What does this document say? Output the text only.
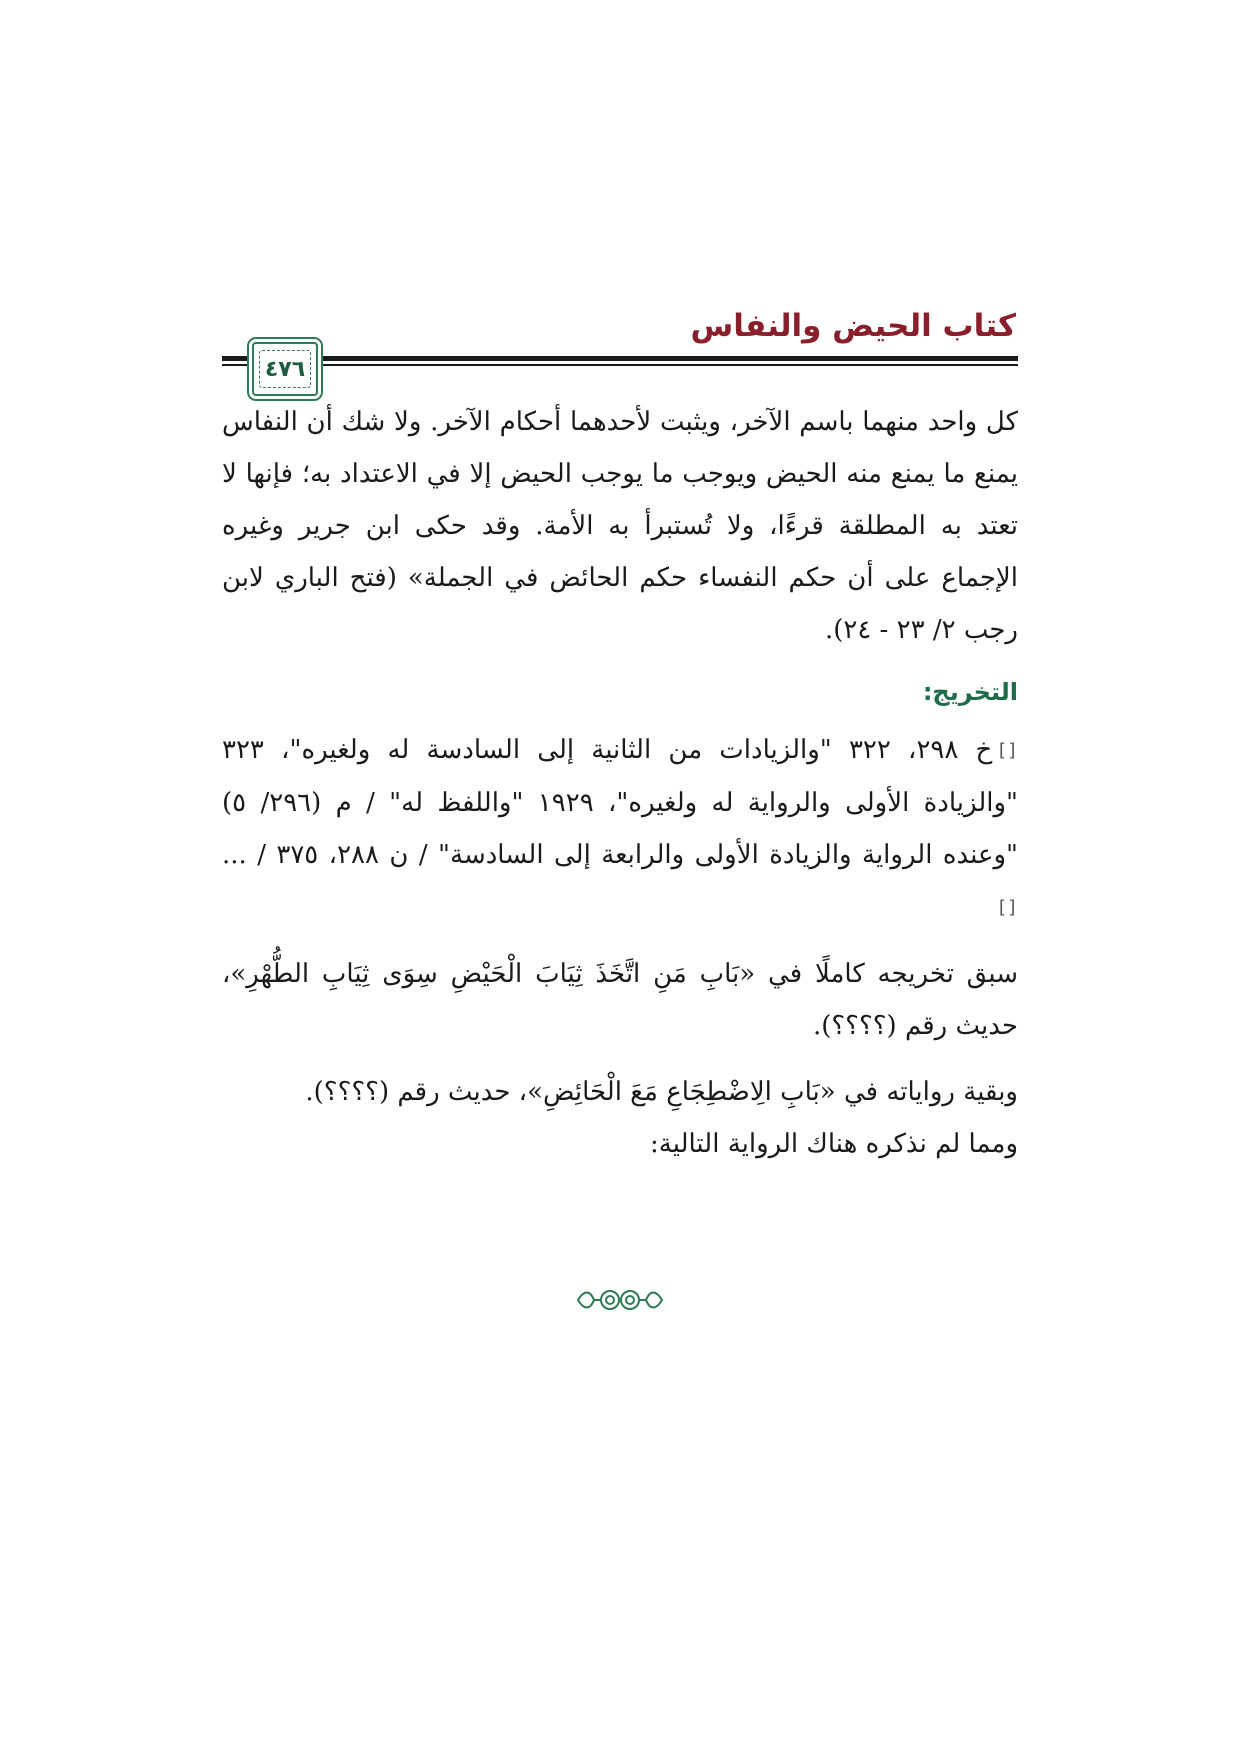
كتاب الحيض والنفاس
٤٧٦

كل واحد منهما باسم الآخر، ويثبت لأحدهما أحكام الآخر. ولا شك أن النفاس يمنع ما يمنع منه الحيض ويوجب ما يوجب الحيض إلا في الاعتداد به؛ فإنها لا تعتد به المطلقة قرءًا، ولا تُستبرأ به الأمة. وقد حكى ابن جرير وغيره الإجماع على أن حكم النفساء حكم الحائض في الجملة» (فتح الباري لابن رجب ٢/ ٢٣ - ٢٤).

التخريج:

[]خ ٢٩٨، ٣٢٢ "والزيادات من الثانية إلى السادسة له ولغيره"، ٣٢٣ "والزيادة الأولى والرواية له ولغيره"، ١٩٢٩ "واللفظ له" / م (٢٩٦/ ٥) "وعنده الرواية والزيادة الأولى والرابعة إلى السادسة" / ن ٢٨٨، ٣٧٥ / ... []

سبق تخريجه كاملًا في «بَابِ مَنِ اتَّخَذَ ثِيَابَ الْحَيْضِ سِوَى ثِيَابِ الطُّهْرِ»، حديث رقم (؟؟؟؟).

وبقية رواياته في «بَابِ الِاضْطِجَاعِ مَعَ الْحَائِضِ»، حديث رقم (؟؟؟؟).

ومما لم نذكره هناك الرواية التالية:
